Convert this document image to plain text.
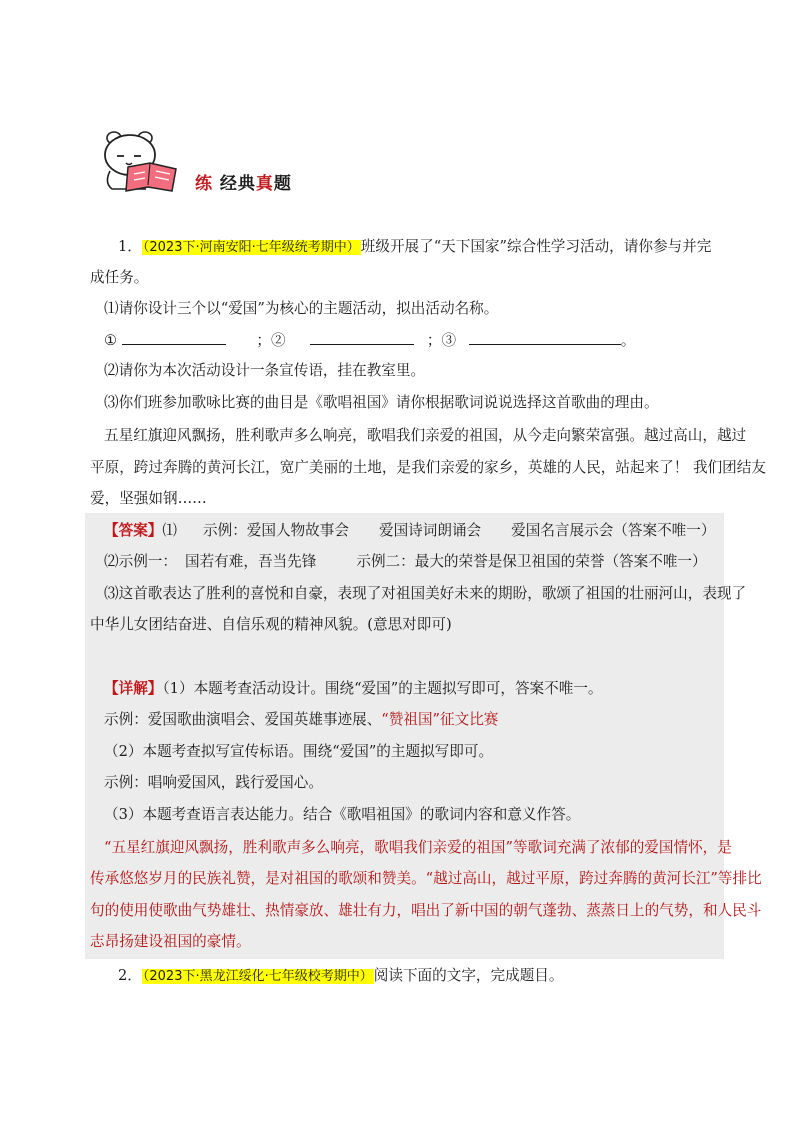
练 经典真题
1．（2023下·河南安阳·七年级统考期中）班级开展了“天下国家”综合性学习活动，请你参与并完
成任务。
⑴请你设计三个以“爱国”为核心的主题活动，拟出活动名称。
①	；②	；③	。
⑵请你为本次活动设计一条宣传语，挂在教室里。
⑶你们班参加歌咏比赛的曲目是《歌唱祖国》请你根据歌词说说选择这首歌曲的理由。
五星红旗迎风飘扬，胜利歌声多么响亮，歌唱我们亲爱的祖国，从今走向繁荣富强。越过高山，越过
平原，跨过奔腾的黄河长江，宽广美丽的土地，是我们亲爱的家乡，英雄的人民，站起来了！ 我们团结友
爱，坚强如钢……
【答案】⑴ 示例：爱国人物故事会 爱国诗词朗诵会 爱国名言展示会（答案不唯一）
⑵示例一： 国若有难，吾当先锋	示例二：最大的荣誉是保卫祖国的荣誉（答案不唯一）
⑶这首歌表达了胜利的喜悦和自豪，表现了对祖国美好未来的期盼，歌颂了祖国的壮丽河山，表现了
中华儿女团结奋进、自信乐观的精神风貌。(意思对即可)
【详解】（1）本题考查活动设计。围绕“爱国”的主题拟写即可，答案不唯一。
示例：爱国歌曲演唱会、爱国英雄事迹展、“赞祖国”征文比赛
（2）本题考查拟写宣传标语。围绕“爱国”的主题拟写即可。
示例：唱响爱国风，践行爱国心。
（3）本题考查语言表达能力。结合《歌唱祖国》的歌词内容和意义作答。
“五星红旗迎风飘扬，胜利歌声多么响亮，歌唱我们亲爱的祖国”等歌词充满了浓郁的爱国情怀，是
传承悠悠岁月的民族礼赞，是对祖国的歌颂和赞美。“越过高山，越过平原，跨过奔腾的黄河长江”等排比
句的使用使歌曲气势雄壮、热情豪放、雄壮有力，唱出了新中国的朝气蓬勃、蒸蒸日上的气势，和人民斗
志昂扬建设祖国的豪情。
2．（2023下·黑龙江绥化·七年级校考期中）阅读下面的文字，完成题目。
